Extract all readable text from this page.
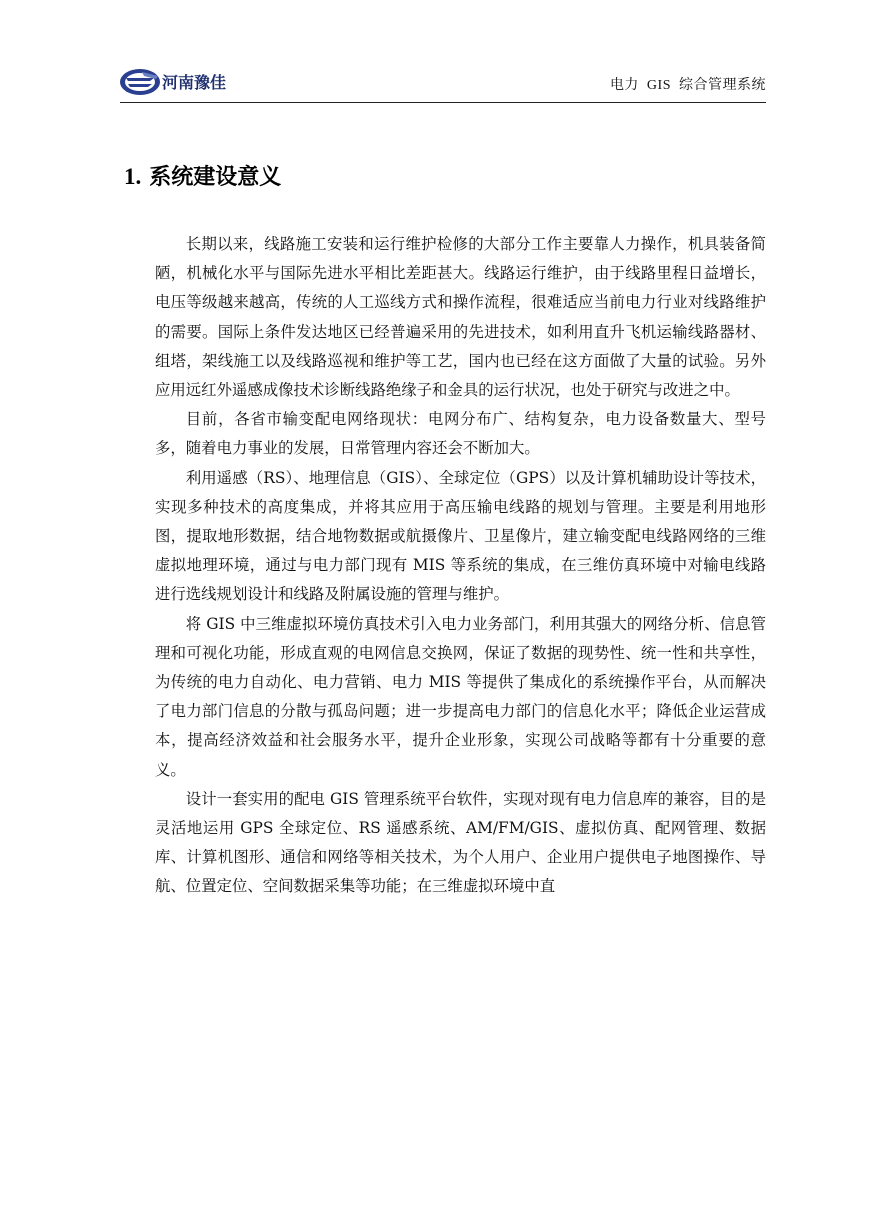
河南豫佳	电力  GIS  综合管理系统
1. 系统建设意义

长期以来，线路施工安装和运行维护检修的大部分工作主要靠人力操作，机具装备简陋，机械化水平与国际先进水平相比差距甚大。线路运行维护，由于线路里程日益增长，电压等级越来越高，传统的人工巡线方式和操作流程，很难适应当前电力行业对线路维护的需要。国际上条件发达地区已经普遍采用的先进技术，如利用直升飞机运输线路器材、组塔，架线施工以及线路巡视和维护等工艺，国内也已经在这方面做了大量的试验。另外应用远红外遥感成像技术诊断线路绝缘子和金具的运行状况，也处于研究与改进之中。

目前，各省市输变配电网络现状：电网分布广、结构复杂，电力设备数量大、型号多，随着电力事业的发展，日常管理内容还会不断加大。

利用遥感（RS）、地理信息（GIS）、全球定位（GPS）以及计算机辅助设计等技术，实现多种技术的高度集成，并将其应用于高压输电线路的规划与管理。主要是利用地形图，提取地形数据，结合地物数据或航摄像片、卫星像片，建立输变配电线路网络的三维虚拟地理环境，通过与电力部门现有 MIS 等系统的集成，在三维仿真环境中对输电线路进行选线规划设计和线路及附属设施的管理与维护。

将 GIS 中三维虚拟环境仿真技术引入电力业务部门，利用其强大的网络分析、信息管理和可视化功能，形成直观的电网信息交换网，保证了数据的现势性、统一性和共享性，为传统的电力自动化、电力营销、电力 MIS 等提供了集成化的系统操作平台，从而解决了电力部门信息的分散与孤岛问题；进一步提高电力部门的信息化水平；降低企业运营成本，提高经济效益和社会服务水平，提升企业形象，实现公司战略等都有十分重要的意义。

设计一套实用的配电 GIS 管理系统平台软件，实现对现有电力信息库的兼容，目的是灵活地运用 GPS 全球定位、RS 遥感系统、AM/FM/GIS、虚拟仿真、配网管理、数据库、计算机图形、通信和网络等相关技术，为个人用户、企业用户提供电子地图操作、导航、位置定位、空间数据采集等功能；在三维虚拟环境中直
